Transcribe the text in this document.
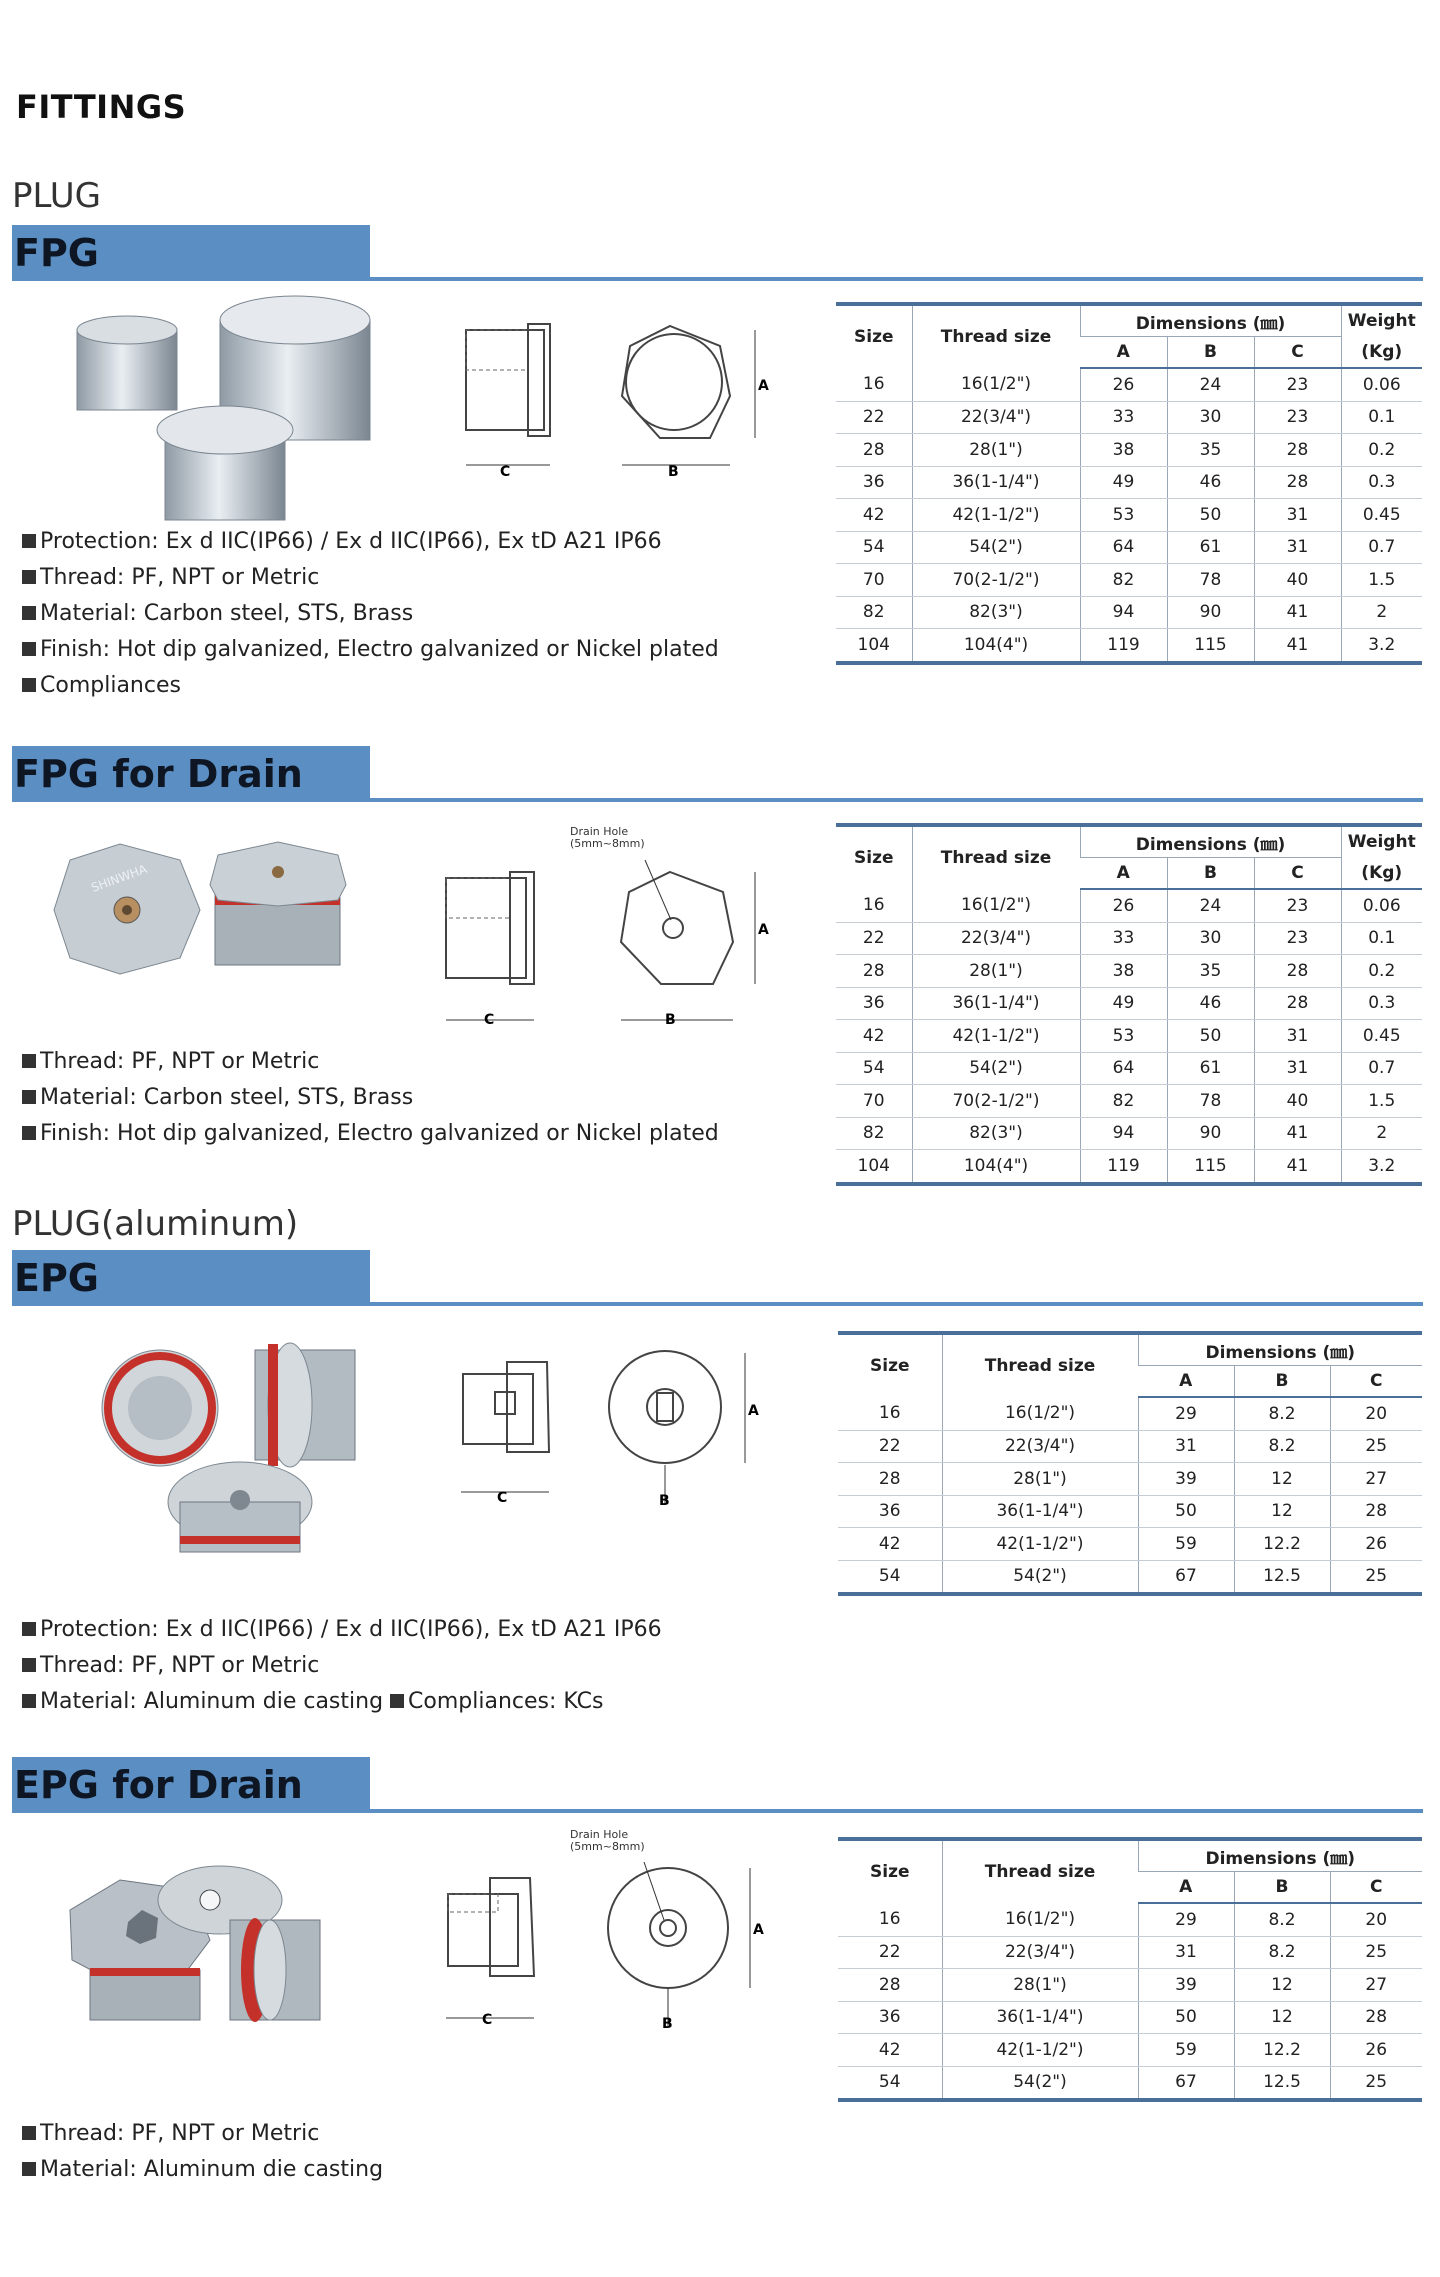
FITTINGS
PLUG
PLUG(aluminum)
FPG
C
A
B
Protection: Ex d IIC(IP66) / Ex d IIC(IP66), Ex tD A21 IP66
Thread: PF, NPT or Metric
Material: Carbon steel, STS, Brass
Finish: Hot dip galvanized, Electro galvanized or Nickel plated
Compliances
Size	Thread size	Dimensions (㎜)			Weight
		A	B	C	(Kg)
16	16(1/2")	26	24	23	0.06
22	22(3/4")	33	30	23	0.1
28	28(1")	38	35	28	0.2
36	36(1-1/4")	49	46	28	0.3
42	42(1-1/2")	53	50	31	0.45
54	54(2")	64	61	31	0.7
70	70(2-1/2")	82	78	40	1.5
82	82(3")	94	90	41	2
104	104(4")	119	115	41	3.2
FPG for Drain
SHINWHA
Drain Hole
(5mm~8mm)
C
A
B
Thread: PF, NPT or Metric
Material: Carbon steel, STS, Brass
Finish: Hot dip galvanized, Electro galvanized or Nickel plated
Size	Thread size	Dimensions (㎜)			Weight
		A	B	C	(Kg)
16	16(1/2")	26	24	23	0.06
22	22(3/4")	33	30	23	0.1
28	28(1")	38	35	28	0.2
36	36(1-1/4")	49	46	28	0.3
42	42(1-1/2")	53	50	31	0.45
54	54(2")	64	61	31	0.7
70	70(2-1/2")	82	78	40	1.5
82	82(3")	94	90	41	2
104	104(4")	119	115	41	3.2
EPG
C
A
B
Protection: Ex d IIC(IP66) / Ex d IIC(IP66), Ex tD A21 IP66
Thread: PF, NPT or Metric
Material: Aluminum die casting Compliances: KCs
Size	Thread size	Dimensions (㎜)		
		A	B	C
16	16(1/2")	29	8.2	20
22	22(3/4")	31	8.2	25
28	28(1")	39	12	27
36	36(1-1/4")	50	12	28
42	42(1-1/2")	59	12.2	26
54	54(2")	67	12.5	25
EPG for Drain
Drain Hole
(5mm~8mm)
C
A
B
Thread: PF, NPT or Metric
Material: Aluminum die casting
Size	Thread size	Dimensions (㎜)		
		A	B	C
16	16(1/2")	29	8.2	20
22	22(3/4")	31	8.2	25
28	28(1")	39	12	27
36	36(1-1/4")	50	12	28
42	42(1-1/2")	59	12.2	26
54	54(2")	67	12.5	25
